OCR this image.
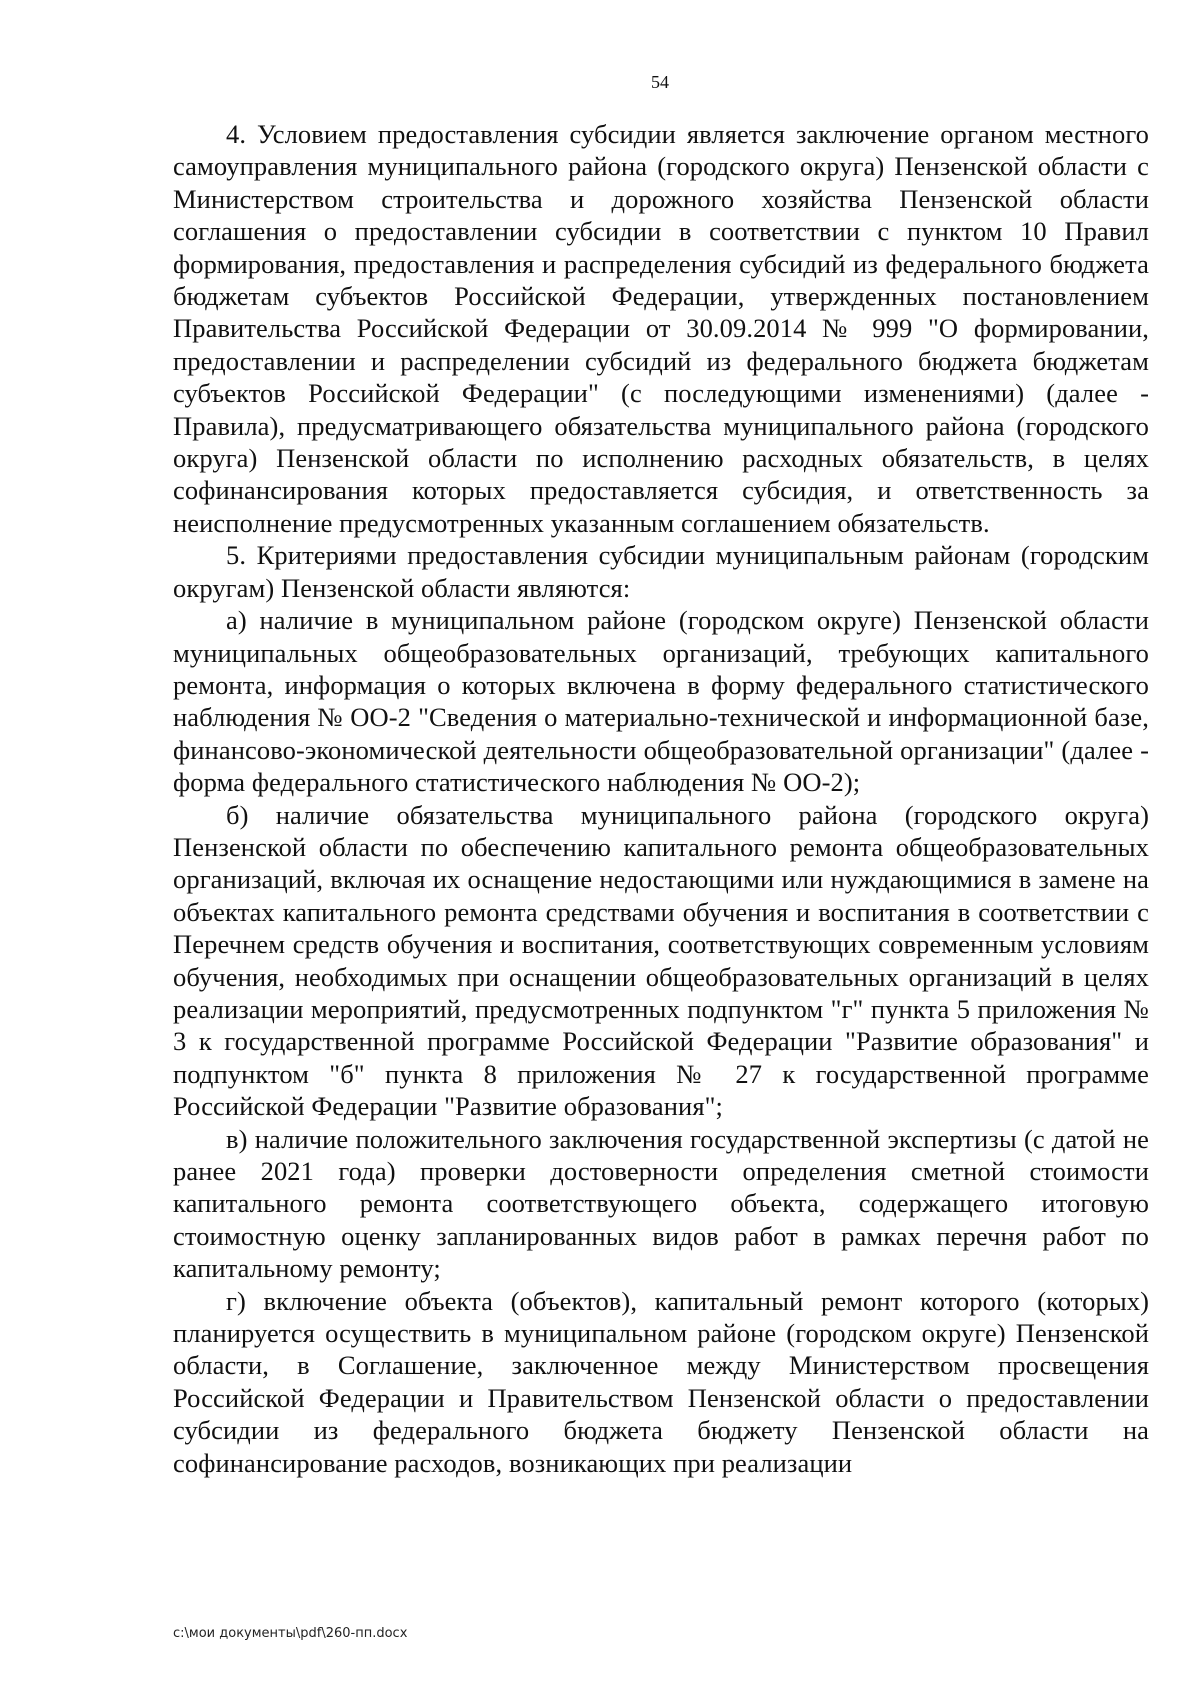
54

4. Условием предоставления субсидии является заключение органом местного самоуправления муниципального района (городского округа) Пензенской области с Министерством строительства и дорожного хозяйства Пензенской области соглашения о предоставлении субсидии в соответствии с пунктом 10 Правил формирования, предоставления и распределения субсидий из федерального бюджета бюджетам субъектов Российской Федерации, утвержденных постановлением Правительства Российской Федерации от 30.09.2014 № 999 "О формировании, предоставлении и распределении субсидий из федерального бюджета бюджетам субъектов Российской Федерации" (с последующими изменениями) (далее - Правила), предусматривающего обязательства муниципального района (городского округа) Пензенской области по исполнению расходных обязательств, в целях софинансирования которых предоставляется субсидия, и ответственность за неисполнение предусмотренных указанным соглашением обязательств.

5. Критериями предоставления субсидии муниципальным районам (городским округам) Пензенской области являются:

а) наличие в муниципальном районе (городском округе) Пензенской области муниципальных общеобразовательных организаций, требующих капитального ремонта, информация о которых включена в форму федерального статистического наблюдения № ОО-2 "Сведения о материально-технической и информационной базе, финансово-экономической деятельности общеобразовательной организации" (далее - форма федерального статистического наблюдения № ОО-2);

б) наличие обязательства муниципального района (городского округа) Пензенской области по обеспечению капитального ремонта общеобразовательных организаций, включая их оснащение недостающими или нуждающимися в замене на объектах капитального ремонта средствами обучения и воспитания в соответствии с Перечнем средств обучения и воспитания, соответствующих современным условиям обучения, необходимых при оснащении общеобразовательных организаций в целях реализации мероприятий, предусмотренных подпунктом "г" пункта 5 приложения № 3 к государственной программе Российской Федерации "Развитие образования" и подпунктом "б" пункта 8 приложения № 27 к государственной программе Российской Федерации "Развитие образования";

в) наличие положительного заключения государственной экспертизы (с датой не ранее 2021 года) проверки достоверности определения сметной стоимости капитального ремонта соответствующего объекта, содержащего итоговую стоимостную оценку запланированных видов работ в рамках перечня работ по капитальному ремонту;

г) включение объекта (объектов), капитальный ремонт которого (которых) планируется осуществить в муниципальном районе (городском округе) Пензенской области, в Соглашение, заключенное между Министерством просвещения Российской Федерации и Правительством Пензенской области о предоставлении субсидии из федерального бюджета бюджету Пензенской области на софинансирование расходов, возникающих при реализации

c:\мои документы\pdf\260-пп.docx
